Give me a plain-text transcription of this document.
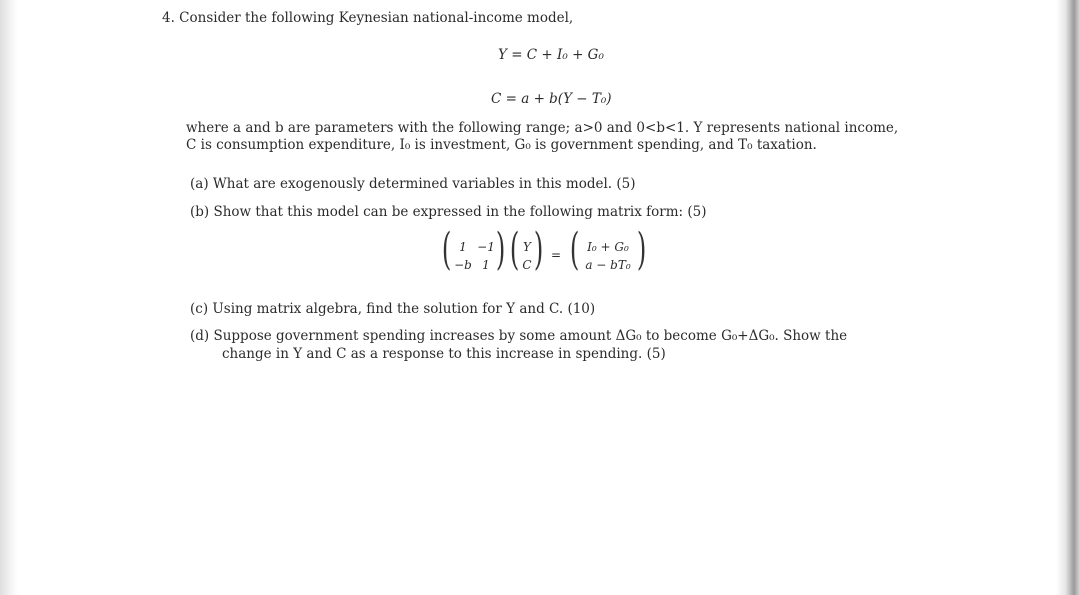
4. Consider the following Keynesian national-income model,
Y = C + I₀ + G₀
C = a + b(Y − T₀)
where a and b are parameters with the following range; a>0 and 0<b<1. Y represents national income,
C is consumption expenditure, I₀ is investment, G₀ is government spending, and T₀ taxation.
(a) What are exogenously determined variables in this model. (5)
(b) Show that this model can be expressed in the following matrix form: (5)
( 1 −1
−b 1 ) ( Y
C ) = ( I₀ + G₀
a − bT₀ )
(c) Using matrix algebra, find the solution for Y and C. (10)
(d) Suppose government spending increases by some amount ΔG₀ to become G₀+ΔG₀. Show the
change in Y and C as a response to this increase in spending. (5)
